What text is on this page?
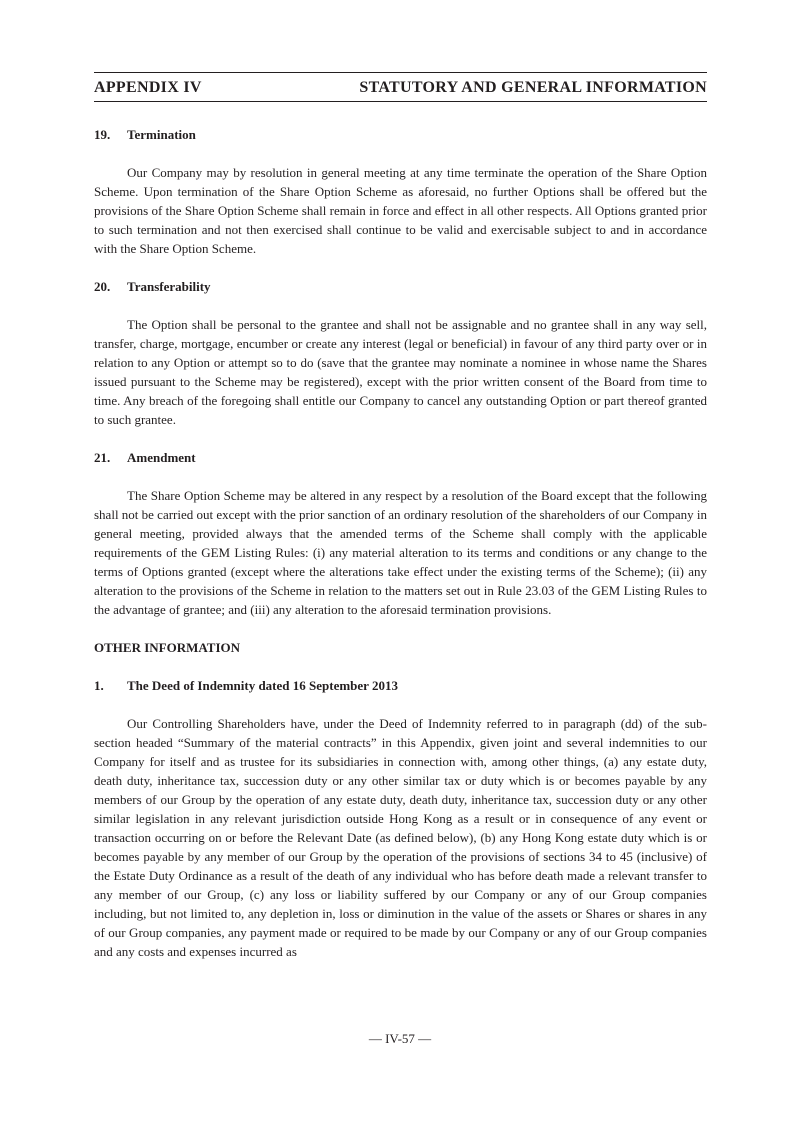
APPENDIX IV	STATUTORY AND GENERAL INFORMATION
19. Termination

Our Company may by resolution in general meeting at any time terminate the operation of the Share Option Scheme. Upon termination of the Share Option Scheme as aforesaid, no further Options shall be offered but the provisions of the Share Option Scheme shall remain in force and effect in all other respects. All Options granted prior to such termination and not then exercised shall continue to be valid and exercisable subject to and in accordance with the Share Option Scheme.

20. Transferability

The Option shall be personal to the grantee and shall not be assignable and no grantee shall in any way sell, transfer, charge, mortgage, encumber or create any interest (legal or beneficial) in favour of any third party over or in relation to any Option or attempt so to do (save that the grantee may nominate a nominee in whose name the Shares issued pursuant to the Scheme may be registered), except with the prior written consent of the Board from time to time. Any breach of the foregoing shall entitle our Company to cancel any outstanding Option or part thereof granted to such grantee.

21. Amendment

The Share Option Scheme may be altered in any respect by a resolution of the Board except that the following shall not be carried out except with the prior sanction of an ordinary resolution of the shareholders of our Company in general meeting, provided always that the amended terms of the Scheme shall comply with the applicable requirements of the GEM Listing Rules: (i) any material alteration to its terms and conditions or any change to the terms of Options granted (except where the alterations take effect under the existing terms of the Scheme); (ii) any alteration to the provisions of the Scheme in relation to the matters set out in Rule 23.03 of the GEM Listing Rules to the advantage of grantee; and (iii) any alteration to the aforesaid termination provisions.

OTHER INFORMATION
1. The Deed of Indemnity dated 16 September 2013

Our Controlling Shareholders have, under the Deed of Indemnity referred to in paragraph (dd) of the sub-section headed “Summary of the material contracts” in this Appendix, given joint and several indemnities to our Company for itself and as trustee for its subsidiaries in connection with, among other things, (a) any estate duty, death duty, inheritance tax, succession duty or any other similar tax or duty which is or becomes payable by any members of our Group by the operation of any estate duty, death duty, inheritance tax, succession duty or any other similar legislation in any relevant jurisdiction outside Hong Kong as a result or in consequence of any event or transaction occurring on or before the Relevant Date (as defined below), (b) any Hong Kong estate duty which is or becomes payable by any member of our Group by the operation of the provisions of sections 34 to 45 (inclusive) of the Estate Duty Ordinance as a result of the death of any individual who has before death made a relevant transfer to any member of our Group, (c) any loss or liability suffered by our Company or any of our Group companies including, but not limited to, any depletion in, loss or diminution in the value of the assets or Shares or shares in any of our Group companies, any payment made or required to be made by our Company or any of our Group companies and any costs and expenses incurred as

— IV-57 —
